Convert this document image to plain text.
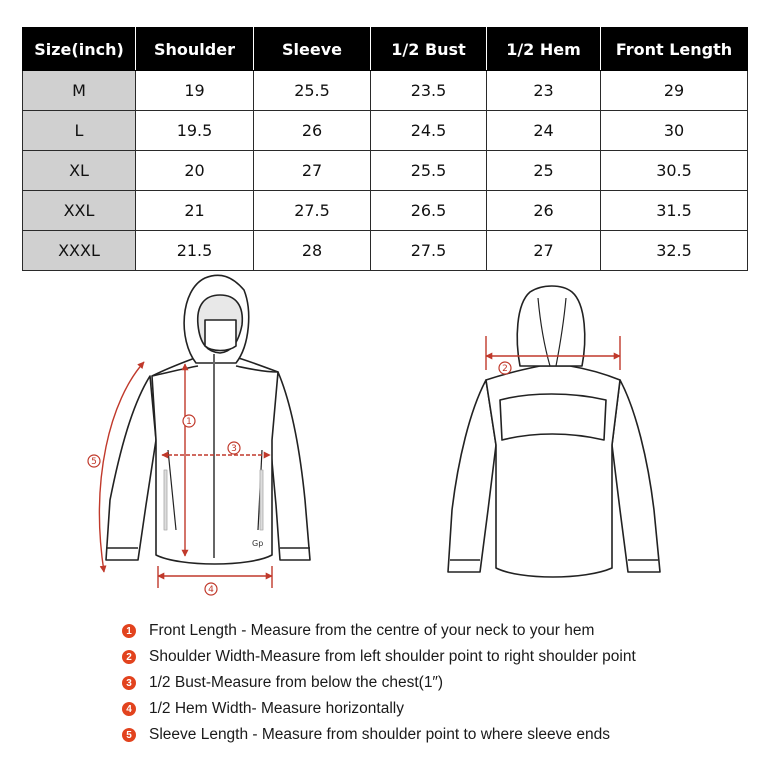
Size(inch)	Shoulder	Sleeve	1/2 Bust	1/2 Hem	Front Length
M	19	25.5	23.5	23	29
L	19.5	26	24.5	24	30
XL	20	27	25.5	25	30.5
XXL	21	27.5	26.5	26	31.5
XXXL	21.5	28	27.5	27	32.5
Gp
1
3
4
5
2
1 Front Length - Measure from the centre of your neck to your hem
2 Shoulder Width-Measure from left shoulder point to right shoulder point
3 1/2 Bust-Measure from below the chest(1″)
4 1/2 Hem Width- Measure horizontally
5 Sleeve Length - Measure from shoulder point to where sleeve ends
